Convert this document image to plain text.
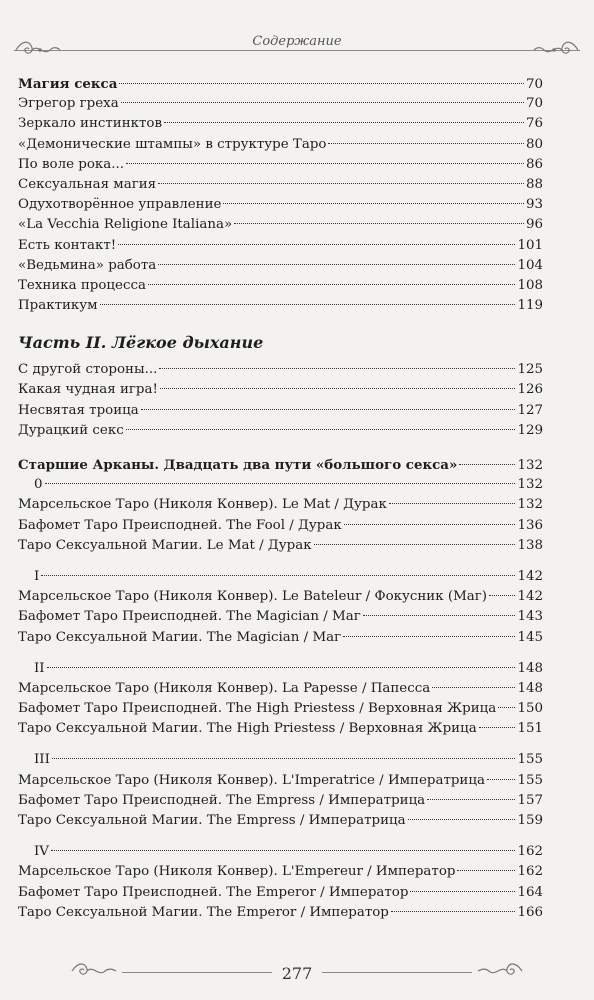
Содержание
Магия секса	70
Эгрегор греха	70
Зеркало инстинктов	76
«Демонические штампы» в структуре Таро	80
По воле рока...	86
Сексуальная магия	88
Одухотворённое управление	93
«La Vecchia Religione Italiana»	96
Есть контакт!	101
«Ведьмина» работа	104
Техника процесса	108
Практикум	119
Часть II. Лёгкое дыхание
С другой стороны...	125
Какая чудная игра!	126
Несвятая троица	127
Дурацкий секс	129
Старшие Арканы. Двадцать два пути «большого секса»	132
0	132
Марсельское Таро (Николя Конвер). Le Mat / Дурак	132
Бафомет Таро Преисподней. The Fool / Дурак	136
Таро Сексуальной Магии. Le Mat / Дурак	138
I	142
Марсельское Таро (Николя Конвер). Le Bateleur / Фокусник (Маг) 142
Бафомет Таро Преисподней. The Magician / Маг	143
Таро Сексуальной Магии. The Magician / Маг	145
II	148
Марсельское Таро (Николя Конвер). La Papesse / Папесса	148
Бафомет Таро Преисподней. The High Priestess / Верховная Жрица 150
Таро Сексуальной Магии. The High Priestess / Верховная Жрица	151
III	155
Марсельское Таро (Николя Конвер). L'Imperatrice / Императрица 155
Бафомет Таро Преисподней. The Empress / Императрица	157
Таро Сексуальной Магии. The Empress / Императрица	159
IV	162
Марсельское Таро (Николя Конвер). L'Empereur / Император	162
Бафомет Таро Преисподней. The Emperor / Император	164
Таро Сексуальной Магии. The Emperor / Император	166
277
